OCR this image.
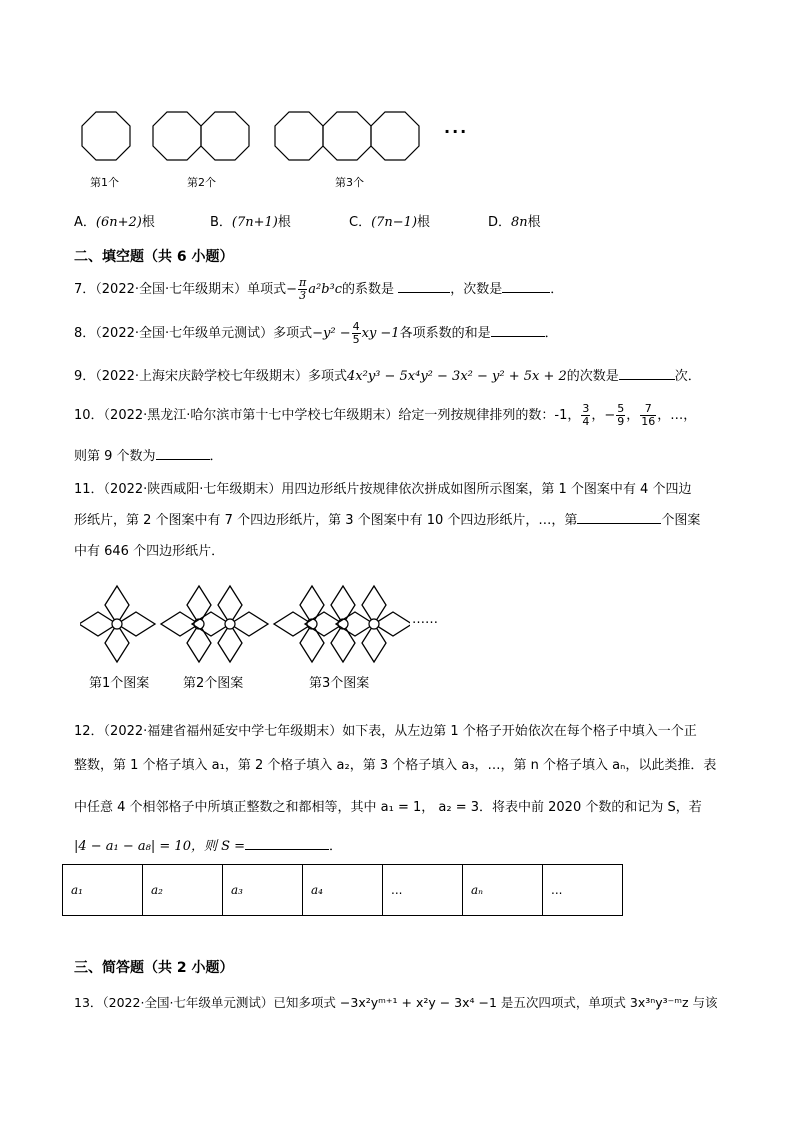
···
第1个	第2个	第3个
A．(6n+2)根	B．(7n+1)根	C．(7n−1)根	D．8n根
二、填空题（共 6 小题）
7．（2022·全国·七年级期末）单项式− $\frac{\pi}{3} a^2b^3c$的系数是	，次数是	．
8．（2022·全国·七年级单元测试）多项式$-y^2 - \frac{4}{5}$ xy −1各项系数的和是	．
9．（2022·上海宋庆龄学校七年级期末）多项式4x²y³ − 5x⁴y² − 3x² − y² + 5x + 2的次数是	次．
10．（2022·黑龙江·哈尔滨市第十七中学校七年级期末）给定一列按规律排列的数：-1， $\frac{3}{4}$ ，− $\frac{5}{9}$ ， $\frac{7}{16}$ ，…，
则第 9 个数为	．
11．（2022·陕西咸阳·七年级期末）用四边形纸片按规律依次拼成如图所示图案，第 1 个图案中有 4 个四边
形纸片，第 2 个图案中有 7 个四边形纸片，第 3 个图案中有 10 个四边形纸片，…，第	个图案
中有 646 个四边形纸片．
……
第1个图案	第2个图案	第3个图案
12．（2022·福建省福州延安中学七年级期末）如下表，从左边第 1 个格子开始依次在每个格子中填入一个正
整数，第 1 个格子填入 a₁，第 2 个格子填入 a₂，第 3 个格子填入 a₃，…，第 n 个格子填入 aₙ，以此类推．表
中任意 4 个相邻格子中所填正整数之和都相等，其中 a₁ = 1， a₂ = 3．将表中前 2020 个数的和记为 S，若
|4 − a₁ − a₈| = 10，则 S =	．
a₁	a₂	a₃	a₄	...	aₙ	...
三、简答题（共 2 小题）
13．（2022·全国·七年级单元测试）已知多项式 −3x²yᵐ⁺¹ + x²y − 3x⁴ −1 是五次四项式，单项式 3x³ⁿy³⁻ᵐz 与该
